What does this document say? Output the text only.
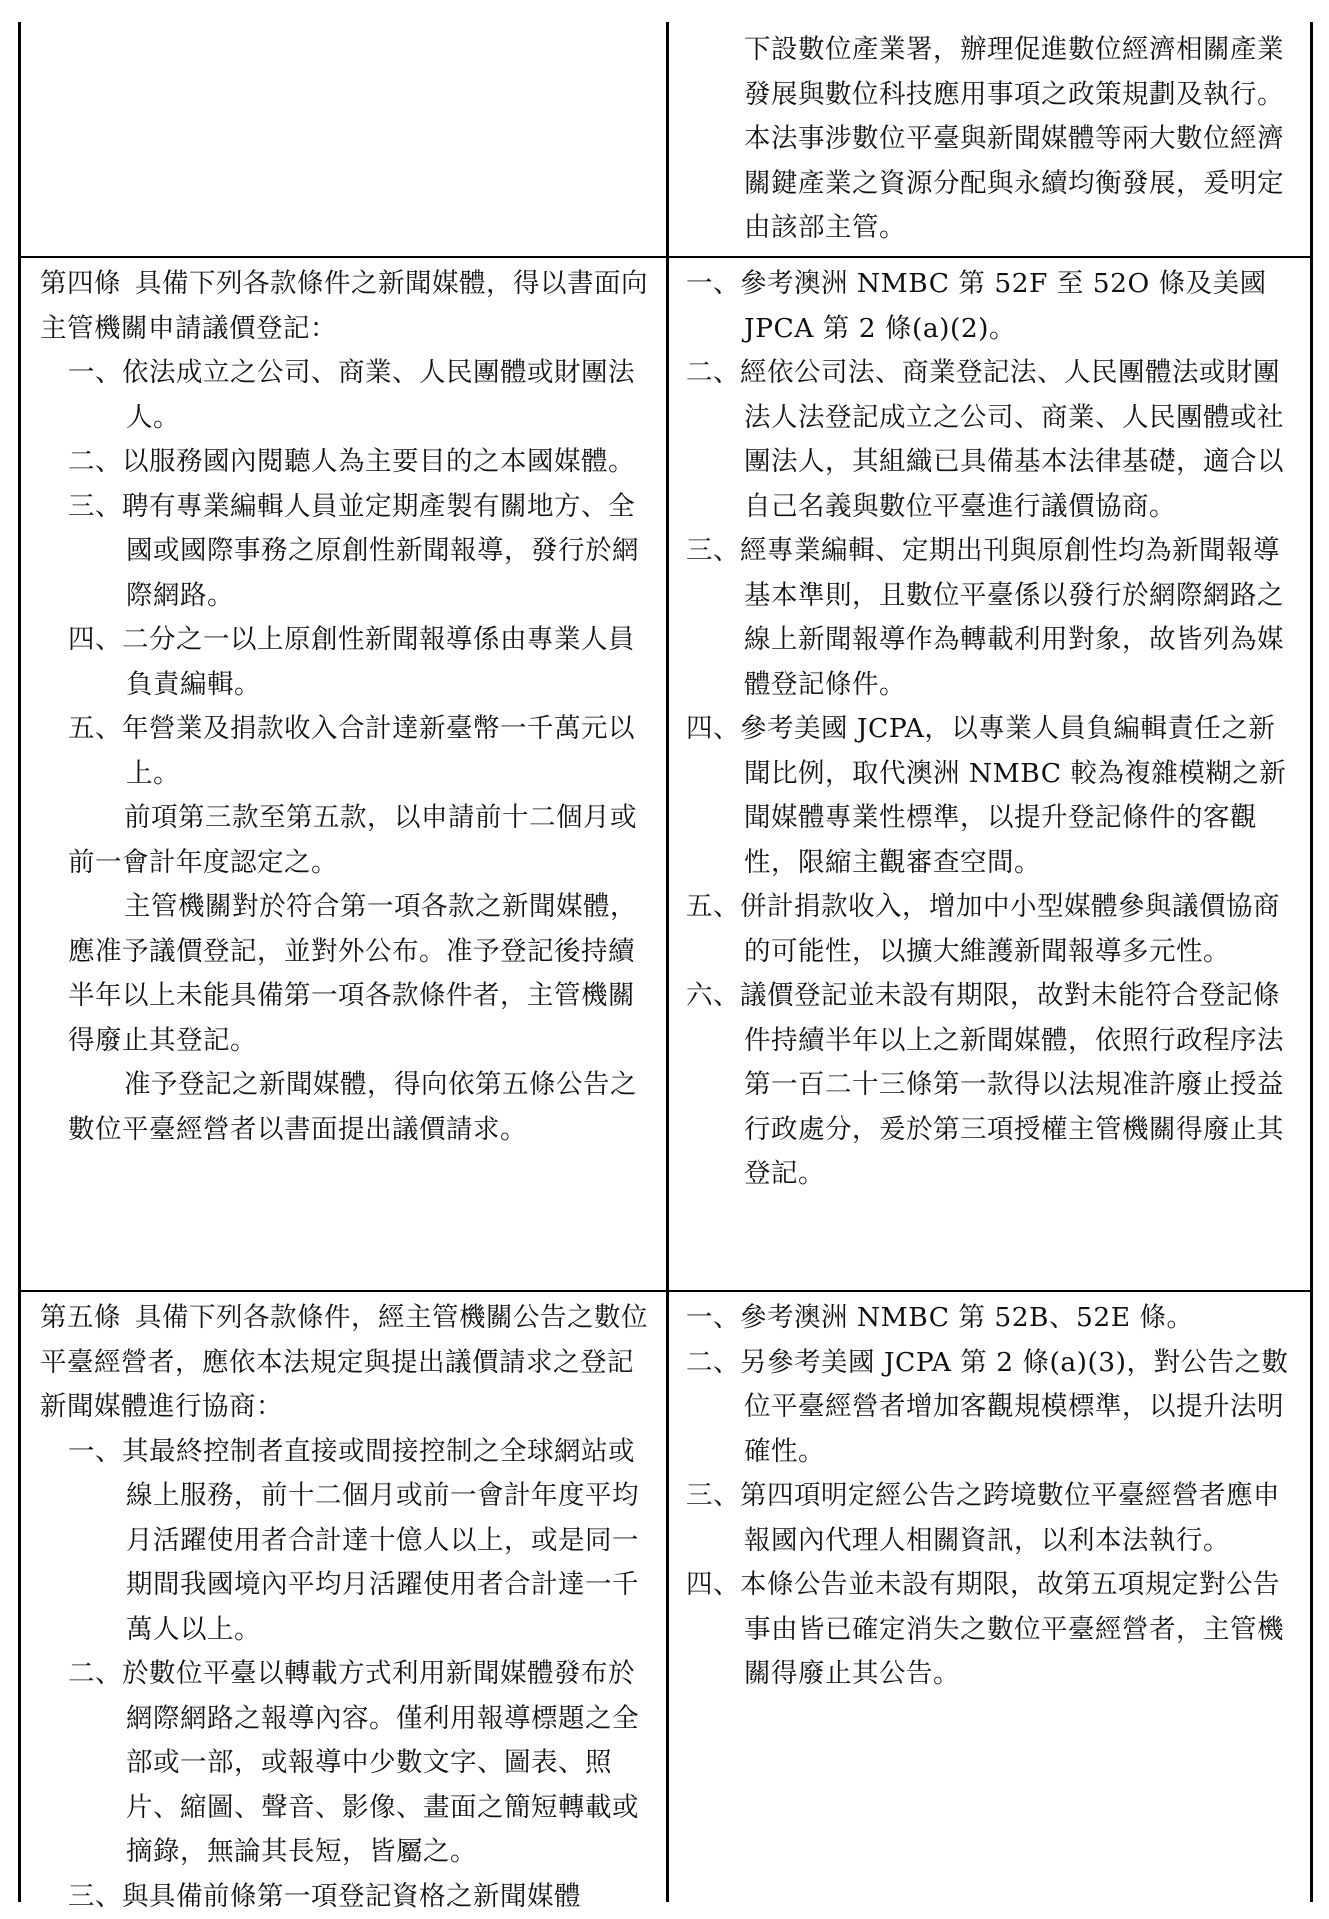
下設數位產業署，辦理促進數位經濟相關產業發展與數位科技應用事項之政策規劃及執行。本法事涉數位平臺與新聞媒體等兩大數位經濟關鍵產業之資源分配與永續均衡發展，爰明定由該部主管。

第四條 具備下列各款條件之新聞媒體，得以書面向主管機關申請議價登記：

一、依法成立之公司、商業、人民團體或財團法人。

二、以服務國內閱聽人為主要目的之本國媒體。

三、聘有專業編輯人員並定期產製有關地方、全國或國際事務之原創性新聞報導，發行於網際網路。

四、二分之一以上原創性新聞報導係由專業人員負責編輯。

五、年營業及捐款收入合計達新臺幣一千萬元以上。

前項第三款至第五款，以申請前十二個月或前一會計年度認定之。

主管機關對於符合第一項各款之新聞媒體，應准予議價登記，並對外公布。准予登記後持續半年以上未能具備第一項各款條件者，主管機關得廢止其登記。

准予登記之新聞媒體，得向依第五條公告之數位平臺經營者以書面提出議價請求。

一、參考澳洲 NMBC 第 52F 至 52O 條及美國 JPCA 第 2 條(a)(2)。

二、經依公司法、商業登記法、人民團體法或財團法人法登記成立之公司、商業、人民團體或社團法人，其組織已具備基本法律基礎，適合以自己名義與數位平臺進行議價協商。

三、經專業編輯、定期出刊與原創性均為新聞報導基本準則，且數位平臺係以發行於網際網路之線上新聞報導作為轉載利用對象，故皆列為媒體登記條件。

四、參考美國 JCPA，以專業人員負編輯責任之新聞比例，取代澳洲 NMBC 較為複雜模糊之新聞媒體專業性標準，以提升登記條件的客觀性，限縮主觀審查空間。

五、併計捐款收入，增加中小型媒體參與議價協商的可能性，以擴大維護新聞報導多元性。

六、議價登記並未設有期限，故對未能符合登記條件持續半年以上之新聞媒體，依照行政程序法第一百二十三條第一款得以法規准許廢止授益行政處分，爰於第三項授權主管機關得廢止其登記。

第五條 具備下列各款條件，經主管機關公告之數位平臺經營者，應依本法規定與提出議價請求之登記新聞媒體進行協商：

一、其最終控制者直接或間接控制之全球網站或線上服務，前十二個月或前一會計年度平均月活躍使用者合計達十億人以上，或是同一期間我國境內平均月活躍使用者合計達一千萬人以上。

二、於數位平臺以轉載方式利用新聞媒體發布於網際網路之報導內容。僅利用報導標題之全部或一部，或報導中少數文字、圖表、照片、縮圖、聲音、影像、畫面之簡短轉載或摘錄，無論其長短，皆屬之。

三、與具備前條第一項登記資格之新聞媒體

一、參考澳洲 NMBC 第 52B、52E 條。

二、另參考美國 JCPA 第 2 條(a)(3)，對公告之數位平臺經營者增加客觀規模標準，以提升法明確性。

三、第四項明定經公告之跨境數位平臺經營者應申報國內代理人相關資訊，以利本法執行。

四、本條公告並未設有期限，故第五項規定對公告事由皆已確定消失之數位平臺經營者，主管機關得廢止其公告。
